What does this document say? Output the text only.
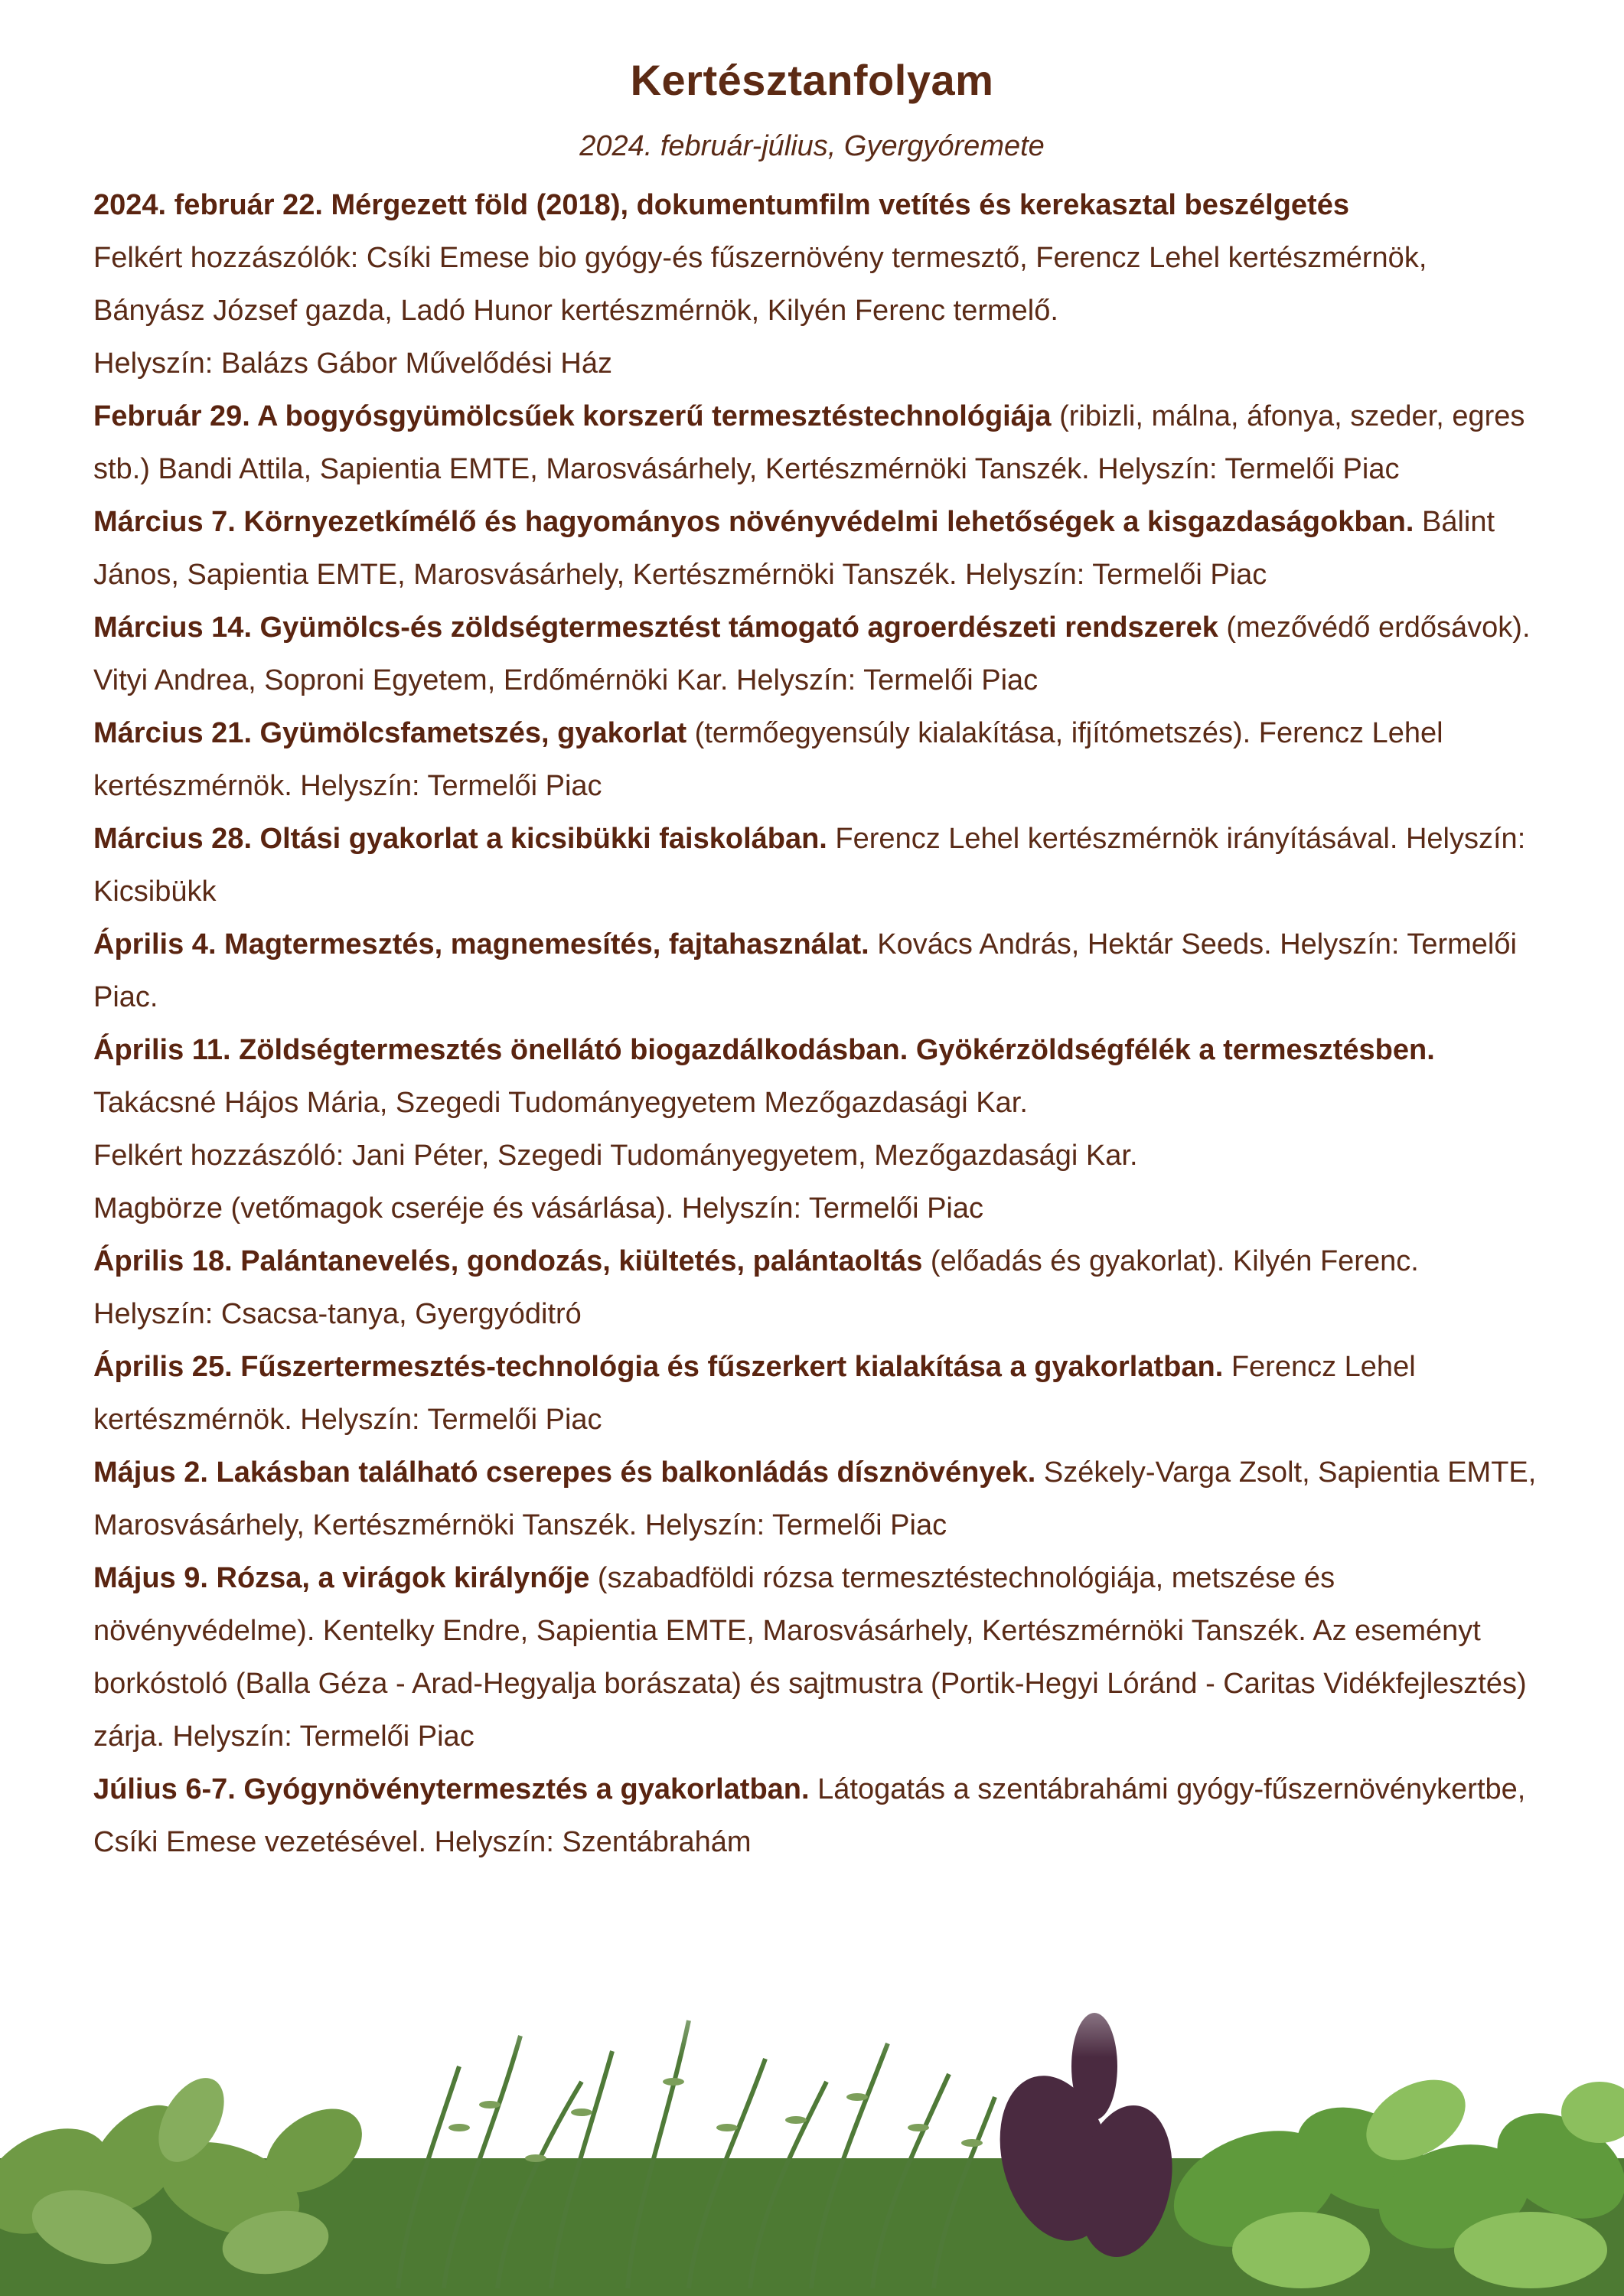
Kertésztanfolyam
2024. február-július, Gyergyóremete
2024. február 22. Mérgezett föld (2018), dokumentumfilm vetítés és kerekasztal beszélgetés
Felkért hozzászólók: Csíki Emese bio gyógy-és fűszernövény termesztő, Ferencz Lehel kertészmérnök, Bányász József gazda, Ladó Hunor kertészmérnök, Kilyén Ferenc termelő.
Helyszín: Balázs Gábor Művelődési Ház
Február 29. A bogyósgyümölcsűek korszerű termesztéstechnológiája (ribizli, málna, áfonya, szeder, egres stb.) Bandi Attila, Sapientia EMTE, Marosvásárhely, Kertészmérnöki Tanszék. Helyszín: Termelői Piac
Március 7. Környezetkímélő és hagyományos növényvédelmi lehetőségek a kisgazdaságokban. Bálint János, Sapientia EMTE, Marosvásárhely, Kertészmérnöki Tanszék. Helyszín: Termelői Piac
Március 14. Gyümölcs-és zöldségtermesztést támogató agroerdészeti rendszerek (mezővédő erdősávok). Vityi Andrea, Soproni Egyetem, Erdőmérnöki Kar. Helyszín: Termelői Piac
Március 21. Gyümölcsfametszés, gyakorlat (termőegyensúly kialakítása, ifjítómetszés). Ferencz Lehel kertészmérnök. Helyszín: Termelői Piac
Március 28. Oltási gyakorlat a kicsibükki faiskolában. Ferencz Lehel kertészmérnök irányításával. Helyszín: Kicsibükk
Április 4. Magtermesztés, magnemesítés, fajtahasználat. Kovács András, Hektár Seeds. Helyszín: Termelői Piac.
Április 11. Zöldségtermesztés önellátó biogazdálkodásban. Gyökérzöldségfélék a termesztésben. Takácsné Hájos Mária, Szegedi Tudományegyetem Mezőgazdasági Kar.
Felkért hozzászóló: Jani Péter, Szegedi Tudományegyetem, Mezőgazdasági Kar.
Magbörze (vetőmagok cseréje és vásárlása). Helyszín: Termelői Piac
Április 18. Palántanevelés, gondozás, kiültetés, palántaoltás (előadás és gyakorlat). Kilyén Ferenc. Helyszín: Csacsa-tanya, Gyergyóditró
Április 25. Fűszertermesztés-technológia és fűszerkert kialakítása a gyakorlatban. Ferencz Lehel kertészmérnök. Helyszín: Termelői Piac
Május 2. Lakásban található cserepes és balkonládás dísznövények. Székely-Varga Zsolt, Sapientia EMTE, Marosvásárhely, Kertészmérnöki Tanszék. Helyszín: Termelői Piac
Május 9. Rózsa, a virágok királynője (szabadföldi rózsa termesztéstechnológiája, metszése és növényvédelme). Kentelky Endre, Sapientia EMTE, Marosvásárhely, Kertészmérnöki Tanszék. Az eseményt borkóstoló (Balla Géza - Arad-Hegyalja borászata) és sajtmustra (Portik-Hegyi Lóránd - Caritas Vidékfejlesztés) zárja. Helyszín: Termelői Piac
Július 6-7. Gyógynövénytermesztés a gyakorlatban. Látogatás a szentábrahámi gyógy-fűszernövénykertbe, Csíki Emese vezetésével. Helyszín: Szentábrahám
